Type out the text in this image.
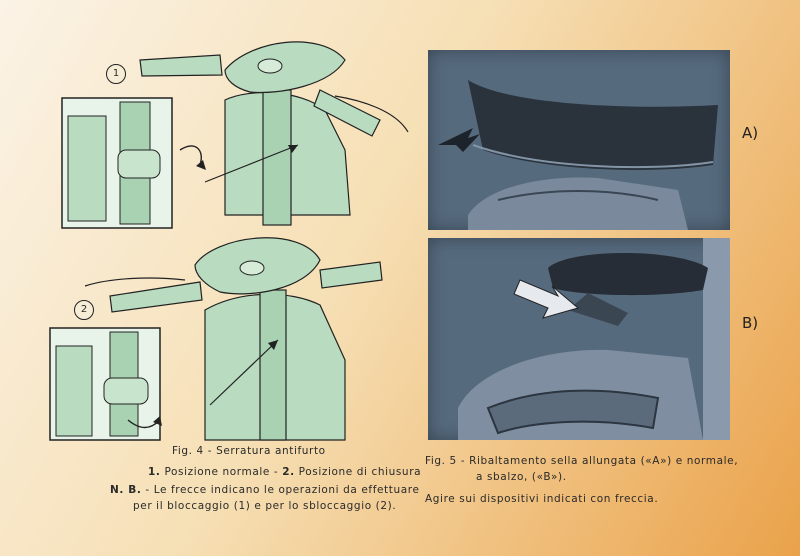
1
2
Fig. 4 - Serratura antifurto
1. Posizione normale - 2. Posizione di chiusura
N. B. - Le frecce indicano le operazioni da effettuare
per il bloccaggio (1) e per lo sbloccaggio (2).
A)
B)
Fig. 5 - Ribaltamento sella allungata («A») e normale,
a sbalzo, («B»).
Agire sui dispositivi indicati con freccia.
